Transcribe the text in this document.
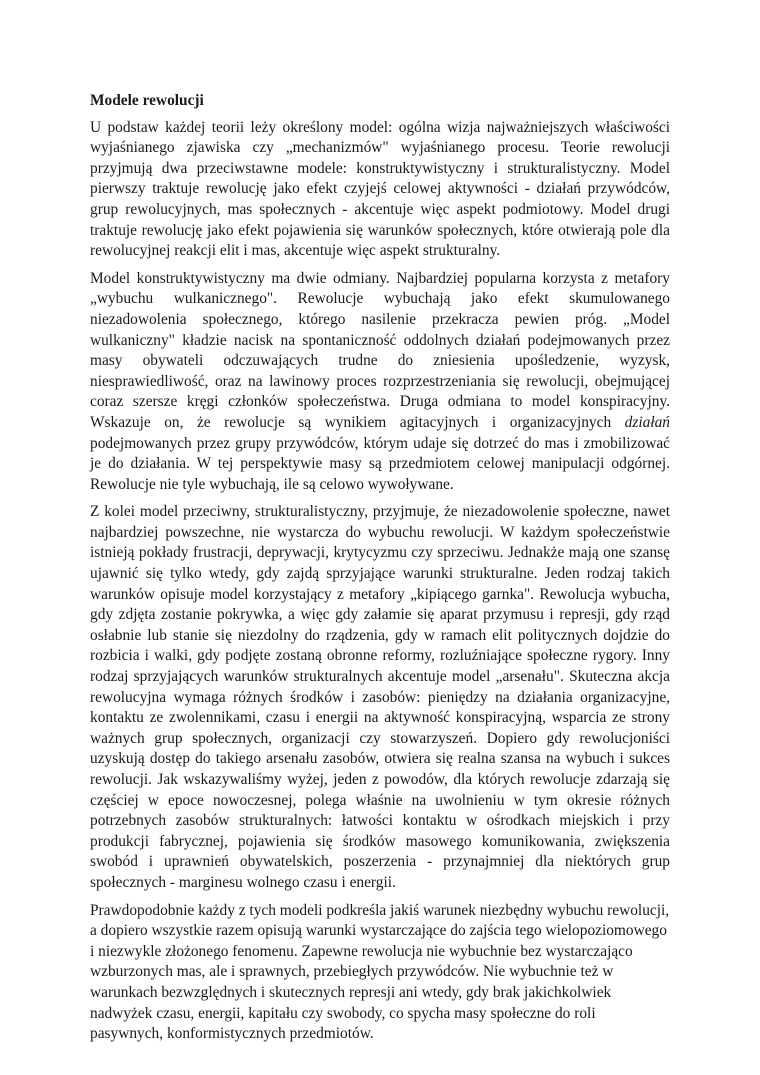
Modele rewolucji

U podstaw każdej teorii leży określony model: ogólna wizja najważniejszych właściwości wyjaśnianego zjawiska czy „mechanizmów" wyjaśnianego procesu. Teorie rewolucji przyjmują dwa przeciwstawne modele: konstruktywistyczny i strukturalistyczny. Model pierwszy traktuje rewolucję jako efekt czyjejś celowej aktywności - działań przywódców, grup rewolucyjnych, mas społecznych - akcentuje więc aspekt podmiotowy. Model drugi traktuje rewolucję jako efekt pojawienia się warunków społecznych, które otwierają pole dla rewolucyjnej reakcji elit i mas, akcentuje więc aspekt strukturalny.

Model konstruktywistyczny ma dwie odmiany. Najbardziej popularna korzysta z metafory „wybuchu wulkanicznego". Rewolucje wybuchają jako efekt skumulowanego niezadowolenia społecznego, którego nasilenie przekracza pewien próg. „Model wulkaniczny" kładzie nacisk na spontaniczność oddolnych działań podejmowanych przez masy obywateli odczuwających trudne do zniesienia upośledzenie, wyzysk, niesprawiedliwość, oraz na lawinowy proces rozprzestrzeniania się rewolucji, obejmującej coraz szersze kręgi członków społeczeństwa. Druga odmiana to model konspiracyjny. Wskazuje on, że rewolucje są wynikiem agitacyjnych i organizacyjnych działań podejmowanych przez grupy przywódców, którym udaje się dotrzeć do mas i zmobilizować je do działania. W tej perspektywie masy są przedmiotem celowej manipulacji odgórnej. Rewolucje nie tyle wybuchają, ile są celowo wywoływane.

Z kolei model przeciwny, strukturalistyczny, przyjmuje, że niezadowolenie społeczne, nawet najbardziej powszechne, nie wystarcza do wybuchu rewolucji. W każdym społeczeństwie istnieją pokłady frustracji, deprywacji, krytycyzmu czy sprzeciwu. Jednakże mają one szansę ujawnić się tylko wtedy, gdy zajdą sprzyjające warunki strukturalne. Jeden rodzaj takich warunków opisuje model korzystający z metafory „kipiącego garnka". Rewolucja wybucha, gdy zdjęta zostanie pokrywka, a więc gdy załamie się aparat przymusu i represji, gdy rząd osłabnie lub stanie się niezdolny do rządzenia, gdy w ramach elit politycznych dojdzie do rozbicia i walki, gdy podjęte zostaną obronne reformy, rozluźniające społeczne rygory. Inny rodzaj sprzyjających warunków strukturalnych akcentuje model „arsenału". Skuteczna akcja rewolucyjna wymaga różnych środków i zasobów: pieniędzy na działania organizacyjne, kontaktu ze zwolennikami, czasu i energii na aktywność konspiracyjną, wsparcia ze strony ważnych grup społecznych, organizacji czy stowarzyszeń. Dopiero gdy rewolucjoniści uzyskują dostęp do takiego arsenału zasobów, otwiera się realna szansa na wybuch i sukces rewolucji. Jak wskazywaliśmy wyżej, jeden z powodów, dla których rewolucje zdarzają się częściej w epoce nowoczesnej, polega właśnie na uwolnieniu w tym okresie różnych potrzebnych zasobów strukturalnych: łatwości kontaktu w ośrodkach miejskich i przy produkcji fabrycznej, pojawienia się środków masowego komunikowania, zwiększenia swobód i uprawnień obywatelskich, poszerzenia - przynajmniej dla niektórych grup społecznych - marginesu wolnego czasu i energii.

Prawdopodobnie każdy z tych modeli podkreśla jakiś warunek niezbędny wybuchu rewolucji, a dopiero wszystkie razem opisują warunki wystarczające do zajścia tego wielopoziomowego i niezwykle złożonego fenomenu. Zapewne rewolucja nie wybuchnie bez wystarczająco wzburzonych mas, ale i sprawnych, przebiegłych przywódców. Nie wybuchnie też w warunkach bezwzględnych i skutecznych represji ani wtedy, gdy brak jakichkolwiek nadwyżek czasu, energii, kapitału czy swobody, co spycha masy społeczne do roli pasywnych, konformistycznych przedmiotów.
